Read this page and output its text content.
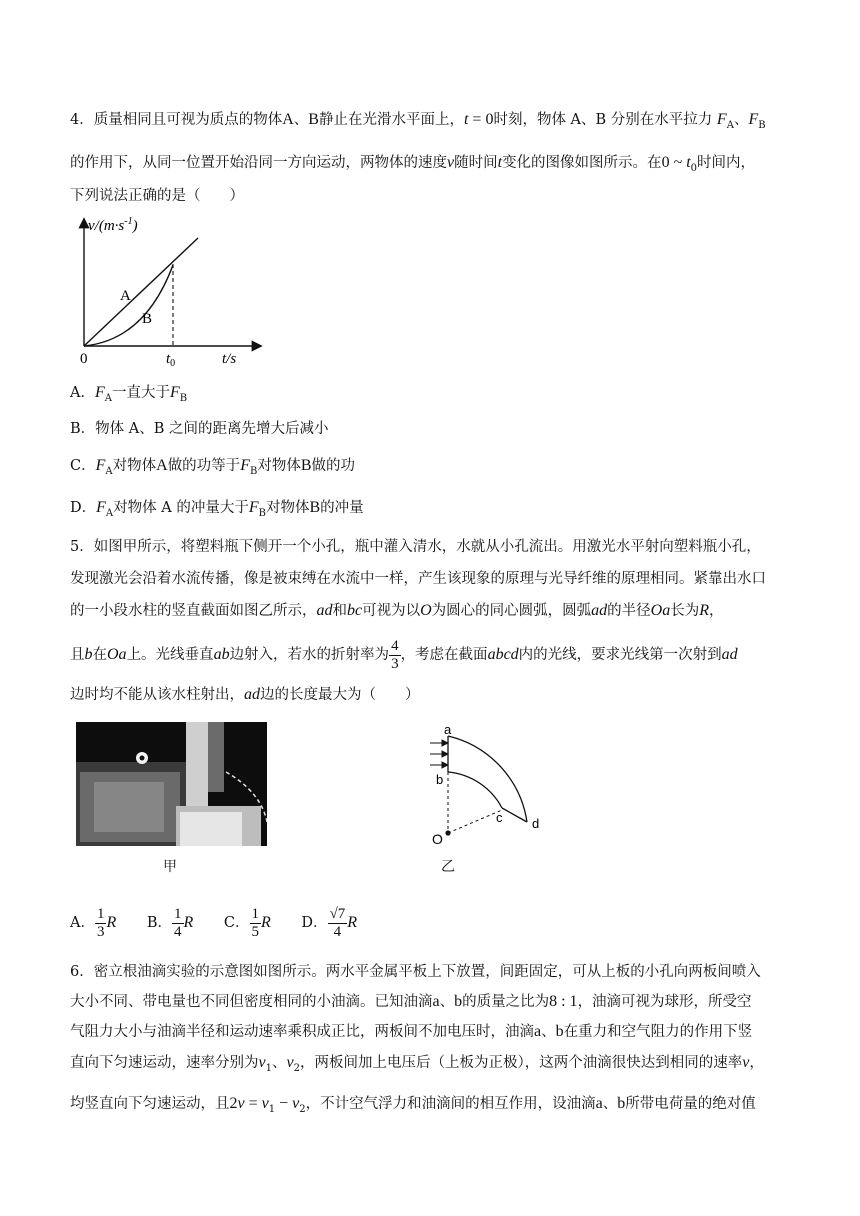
4．质量相同且可视为质点的物体A、B静止在光滑水平面上，t = 0时刻，物体 A、B 分别在水平拉力 $F_A$、$F_B$
的作用下，从同一位置开始沿同一方向运动，两物体的速度v随时间t变化的图像如图所示。在0 ~ $t_0$时间内，
下列说法正确的是（　　）
$v/(m\cdot s^{-1})$
0	$t_0$	t/s
A
B
A．$F_A$一直大于$F_B$
B．物体 A、B 之间的距离先增大后减小
C．$F_A$对物体A做的功等于$F_B$对物体B做的功
D．$F_A$对物体 A 的冲量大于$F_B$对物体B的冲量
5．如图甲所示，将塑料瓶下侧开一个小孔，瓶中灌入清水，水就从小孔流出。用激光水平射向塑料瓶小孔，
发现激光会沿着水流传播，像是被束缚在水流中一样，产生该现象的原理与光导纤维的原理相同。紧靠出水口
的一小段水柱的竖直截面如图乙所示，ad和bc可视为以O为圆心的同心圆弧，圆弧ad的半径Oa长为R，
且b在Oa上。光线垂直ab边射入，若水的折射率为 $\frac{4}{3}$ ，考虑在截面abcd内的光线，要求光线第一次射到ad
边时均不能从该水柱射出，ad边的长度最大为（　　）
甲
a
b
c d
O
乙
A． $\frac{1}{3}$ R B． $\frac{1}{4}$ R C． $\frac{1}{5}$ R D． $\frac{√7}{4}$ R
6．密立根油滴实验的示意图如图所示。两水平金属平板上下放置，间距固定，可从上板的小孔向两板间喷入
大小不同、带电量也不同但密度相同的小油滴。已知油滴a、b的质量之比为8 : 1，油滴可视为球形，所受空
气阻力大小与油滴半径和运动速率乘积成正比，两板间不加电压时，油滴a、b在重力和空气阻力的作用下竖
直向下匀速运动，速率分别为$v_1$、$v_2$，两板间加上电压后（上板为正极），这两个油滴很快达到相同的速率v，
均竖直向下匀速运动，且$2v = v_1 - v_2$，不计空气浮力和油滴间的相互作用，设油滴a、b所带电荷量的绝对值
